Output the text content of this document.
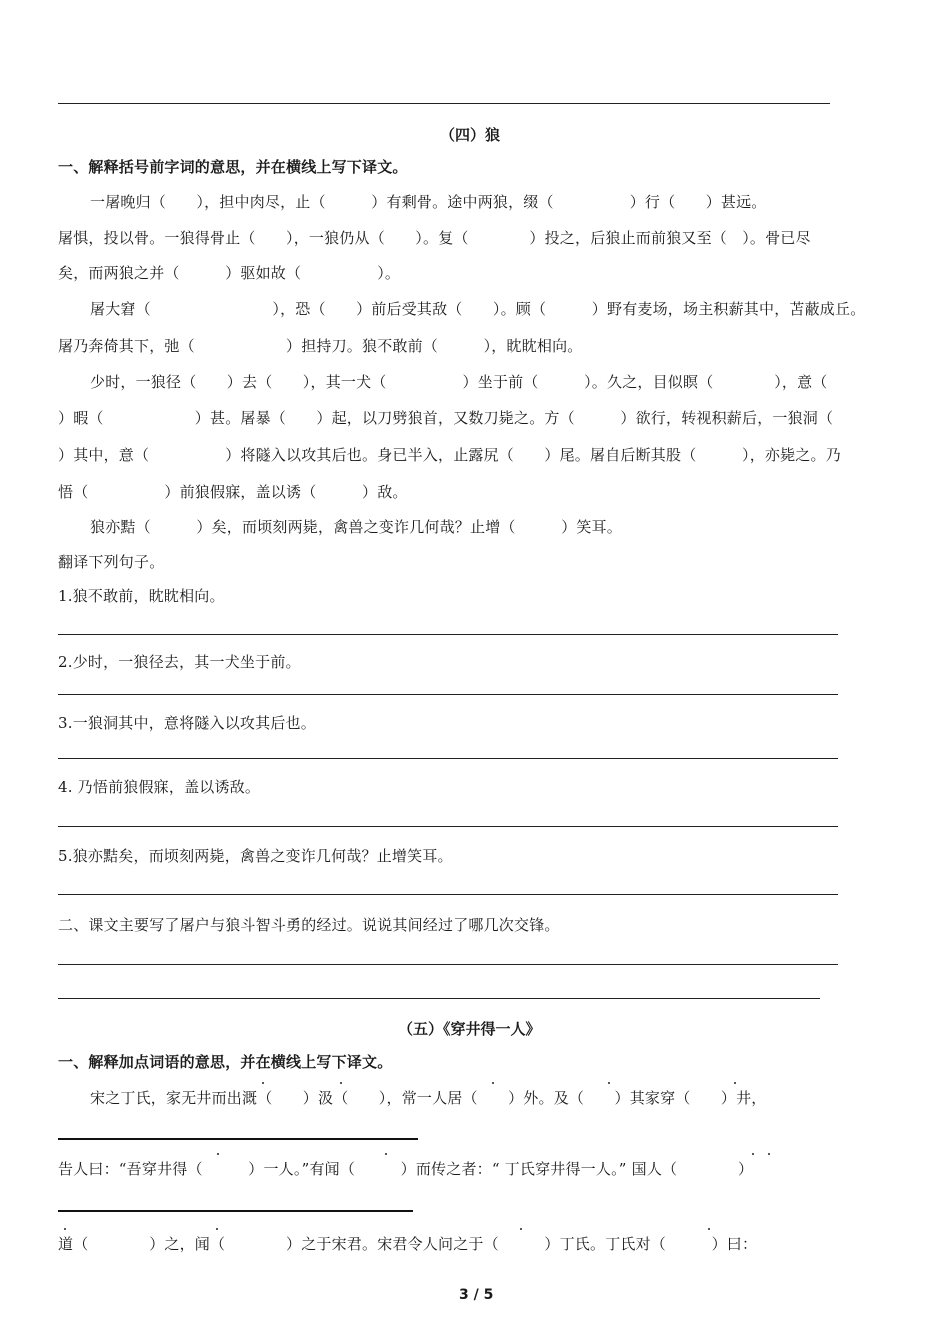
（四）狼
一、解释括号前字词的意思，并在横线上写下译文。
一屠晚归（　　），担中肉尽，止（　　　）有剩骨。途中两狼，缀（　　　　　）行（　　）甚远。
屠惧，投以骨。一狼得骨止（　　），一狼仍从（　　）。复（　　　　）投之，后狼止而前狼又至（　）。骨已尽
矣，而两狼之并（　　　）驱如故（　　　　　）。
屠大窘（　　　　　　　　），恐（　　）前后受其敌（　　）。顾（　　　）野有麦场，场主积薪其中，苫蔽成丘。
屠乃奔倚其下，弛（　　　　　　）担持刀。狼不敢前（　　　），眈眈相向。
少时，一狼径（　　）去（　　），其一犬（　　　　　）坐于前（　　　）。久之，目似瞑（　　　　），意（
）暇（　　　　　　）甚。屠暴（　　）起，以刀劈狼首，又数刀毙之。方（　　　）欲行，转视积薪后，一狼洞（
）其中，意（　　　　　）将隧入以攻其后也。身已半入，止露尻（　　）尾。屠自后断其股（　　　），亦毙之。乃
悟（　　　　　）前狼假寐，盖以诱（　　　）敌。
狼亦黠（　　　）矣，而顷刻两毙，禽兽之变诈几何哉？止增（　　　）笑耳。
翻译下列句子。
1.狼不敢前，眈眈相向。
2.少时，一狼径去，其一犬坐于前。
3.一狼洞其中，意将隧入以攻其后也。
4. 乃悟前狼假寐，盖以诱敌。
5.狼亦黠矣，而顷刻两毙，禽兽之变诈几何哉？止增笑耳。
二、课文主要写了屠户与狼斗智斗勇的经过。说说其间经过了哪几次交锋。
（五）《穿井得一人》
一、解释加点词语的意思，并在横线上写下译文。
宋之丁氏，家无井而出溉（　　）汲（　　），常一人居（　　）外。及（　　）其家穿（　　）井，
告人曰：“吾穿井得（　　　）一人。”有闻（　　　）而传之者：“ 丁氏穿井得一人。” 国人（　　　　）
道（　　　　）之，闻（　　　　）之于宋君。宋君令人问之于（　　　）丁氏。丁氏对（　　　）曰：
3 / 5
